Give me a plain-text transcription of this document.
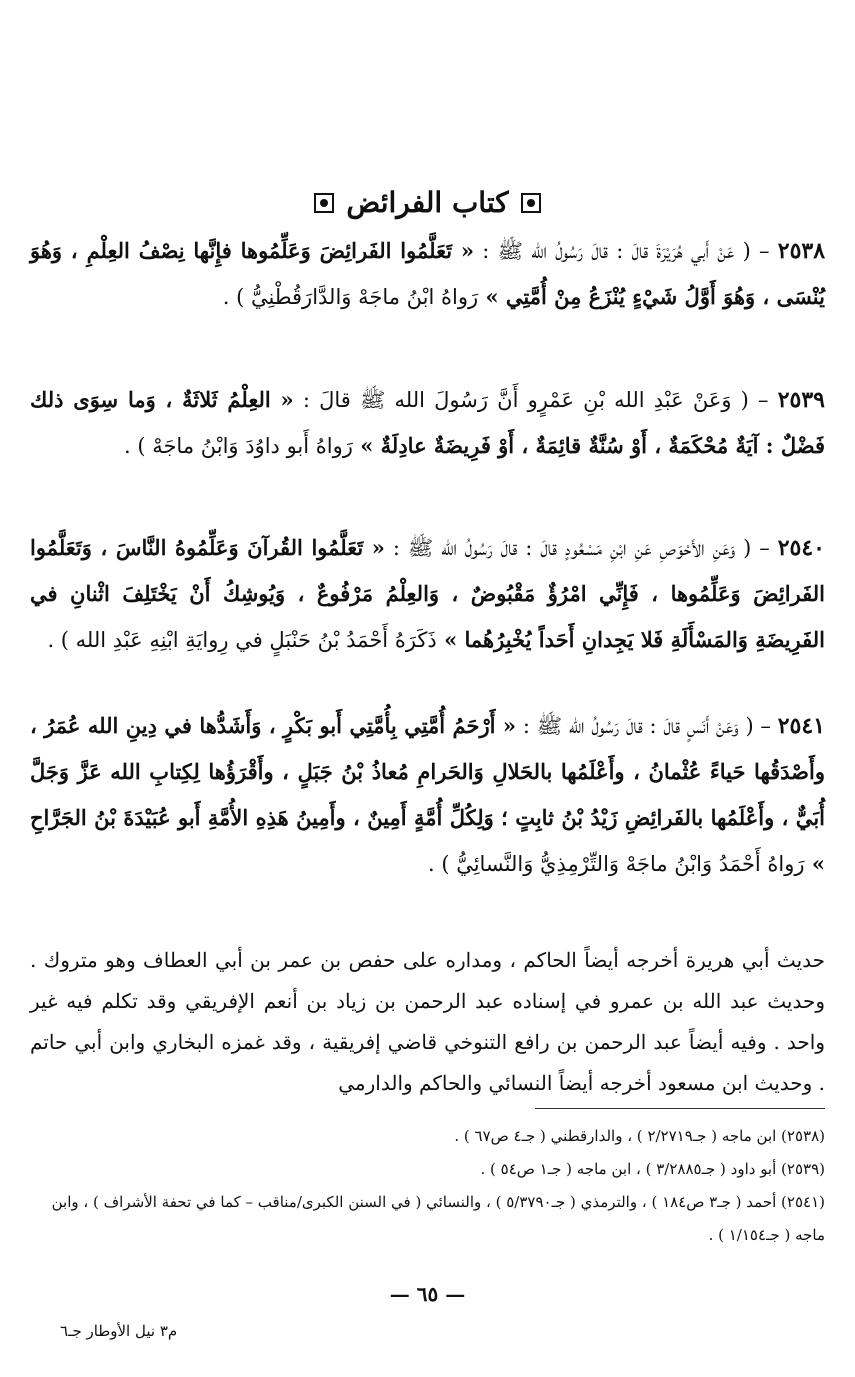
كتاب الفرائض

٢٥٣٨ – ( عَنْ أَبي هُرَيْرَةَ قالَ : قالَ رَسُولُ الله ﷺ : « تَعَلَّمُوا الفَرائِضَ وَعَلِّمُوها فإِنَّها نِصْفُ العِلْمِ ، وَهُوَ يُنْسَى ، وَهُوَ أَوَّلُ شَيْءٍ يُنْزَعُ مِنْ أُمَّتِي » رَواهُ ابْنُ ماجَهْ وَالدَّارَقُطْنِيُّ ) .

٢٥٣٩ – ( وَعَنْ عَبْدِ الله بْنِ عَمْرٍو أَنَّ رَسُولَ الله ﷺ قالَ : « العِلْمُ ثَلاثَةٌ ، وَما سِوَى ذلك فَضْلٌ : آيَةٌ مُحْكَمَةٌ ، أَوْ سُنَّةٌ قائِمَةٌ ، أَوْ فَرِيضَةٌ عادِلَةٌ » رَواهُ أَبو داوُدَ وَابْنُ ماجَهْ ) .

٢٥٤٠ – ( وَعَنِ الأَحْوَصِ عَنِ ابْنِ مَسْعُودٍ قالَ : قالَ رَسُولُ الله ﷺ : « تَعَلَّمُوا القُرآنَ وَعَلِّمُوهُ النَّاسَ ، وَتَعَلَّمُوا الفَرائِضَ وَعَلِّمُوها ، فَإِنِّي امْرُؤٌ مَقْبُوضٌ ، وَالعِلْمُ مَرْفُوعٌ ، وَيُوشِكُ أَنْ يَخْتَلِفَ اثْنانِ في الفَرِيضَةِ وَالمَسْأَلَةِ فَلا يَجِدانِ أَحَداً يُخْبِرُهُما » ذَكَرَهُ أَحْمَدُ بْنُ حَنْبَلٍ في رِوايَةِ ابْنِهِ عَبْدِ الله ) .

٢٥٤١ – ( وَعَنْ أَنَسٍ قالَ : قالَ رَسُولُ الله ﷺ : « أَرْحَمُ أُمَّتِي بِأُمَّتِي أَبو بَكْرٍ ، وَأَشَدُّها في دِينِ الله عُمَرُ ، وأَصْدَقُها حَياءً عُثْمانُ ، وأَعْلَمُها بالحَلالِ وَالحَرامِ مُعاذُ بْنُ جَبَلٍ ، وأَقْرَؤُها لِكِتابِ الله عَزَّ وَجَلَّ أُبَيٌّ ، وأَعْلَمُها بالفَرائِضِ زَيْدُ بْنُ ثابِتٍ ؛ وَلِكُلِّ أُمَّةٍ أَمِينٌ ، وأَمِينُ هَذِهِ الأُمَّةِ أَبو عُبَيْدَةَ بْنُ الجَرَّاحِ » رَواهُ أَحْمَدُ وَابْنُ ماجَهْ وَالتِّرْمِذِيُّ وَالنَّسائِيُّ ) .

حديث أبي هريرة أخرجه أيضاً الحاكم ، ومداره على حفص بن عمر بن أبي العطاف وهو متروك . وحديث عبد الله بن عمرو في إسناده عبد الرحمن بن زياد بن أنعم الإفريقي وقد تكلم فيه غير واحد . وفيه أيضاً عبد الرحمن بن رافع التنوخي قاضي إفريقية ، وقد غمزه البخاري وابن أبي حاتم . وحديث ابن مسعود أخرجه أيضاً النسائي والحاكم والدارمي

(٢٥٣٨) ابن ماجه ( جـ٢/٢٧١٩ ) ، والدارقطني ( جـ٤ ص٦٧ ) .

(٢٥٣٩) أبو داود ( جـ٣/٢٨٨٥ ) ، ابن ماجه ( جـ١ ص٥٤ ) .

(٢٥٤١) أحمد ( جـ٣ ص١٨٤ ) ، والترمذي ( جـ٥/٣٧٩٠ ) ، والنسائي ( في السنن الكبرى/مناقب – كما في تحفة الأشراف ) ، وابن ماجه ( جـ١/١٥٤ ) .

— ٦٥ —
م٣ نيل الأوطار جـ٦
